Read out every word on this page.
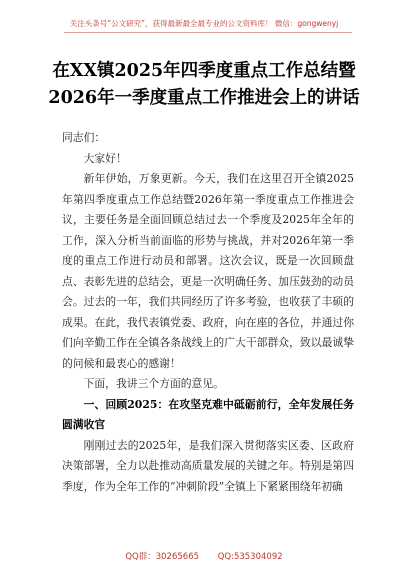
关注头条号“公文研究”，获得最新最全最专业的公文资料库！ 微信：gongwenyj
在XX镇2025年四季度重点工作总结暨
2026年一季度重点工作推进会上的讲话

同志们：

大家好！

新年伊始，万象更新。今天，我们在这里召开全镇2025年第四季度重点工作总结暨2026年第一季度重点工作推进会议，主要任务是全面回顾总结过去一个季度及2025年全年的工作，深入分析当前面临的形势与挑战，并对2026年第一季度的重点工作进行动员和部署。这次会议，既是一次回顾盘点、表彰先进的总结会，更是一次明确任务、加压鼓劲的动员会。过去的一年，我们共同经历了许多考验，也收获了丰硕的成果。在此，我代表镇党委、政府，向在座的各位，并通过你们向辛勤工作在全镇各条战线上的广大干部群众，致以最诚挚的问候和最衷心的感谢！

下面，我讲三个方面的意见。

一、回顾2025：在攻坚克难中砥砺前行，全年发展任务圆满收官

刚刚过去的2025年，是我们深入贯彻落实区委、区政府决策部署，全力以赴推动高质量发展的关键之年。特别是第四季度，作为全年工作的“冲刺阶段”全镇上下紧紧围绕年初确

QQ群：30265665 QQ:535304092
